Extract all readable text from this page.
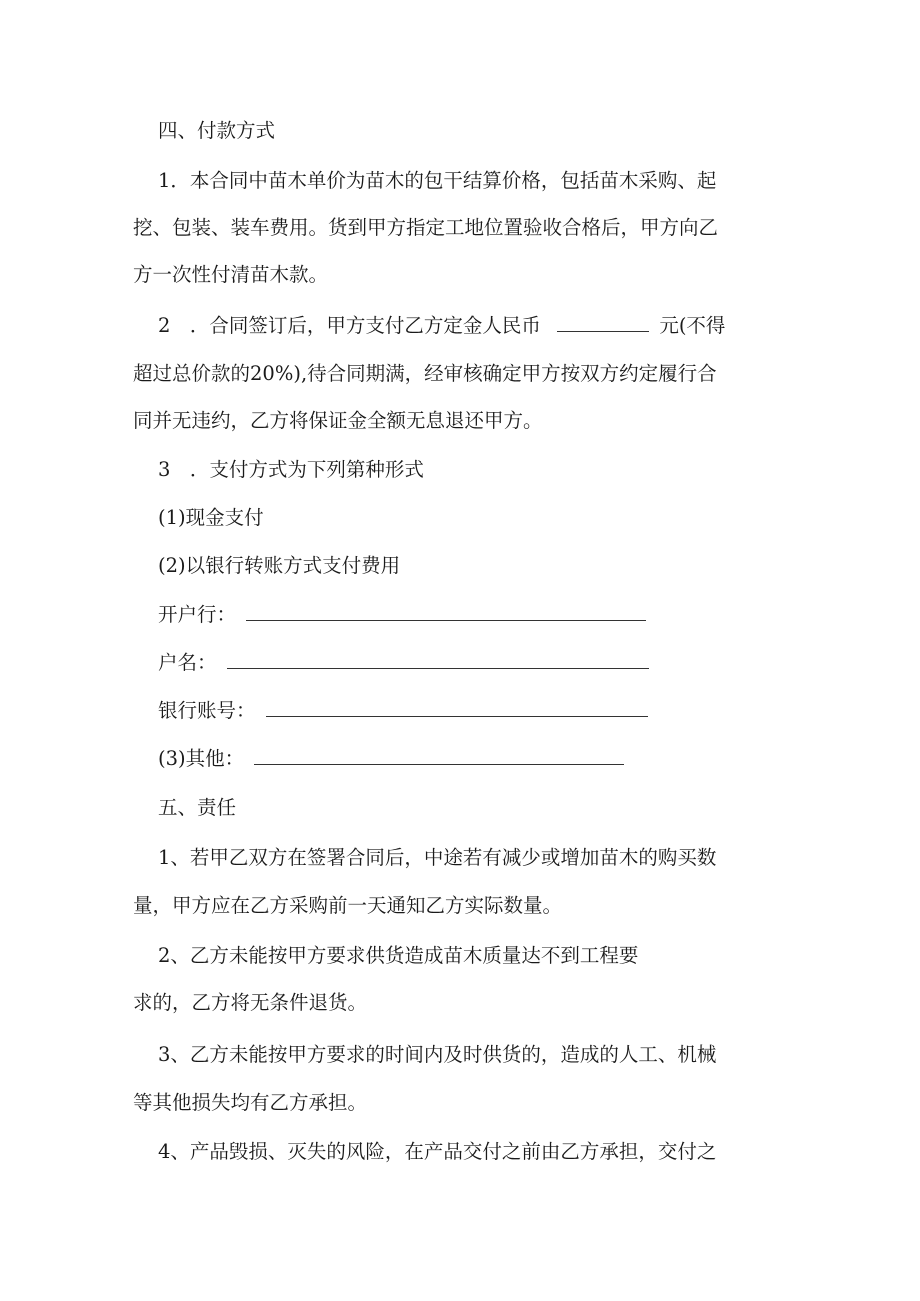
四、付款方式
1．本合同中苗木单价为苗木的包干结算价格，包括苗木采购、起
挖、包装、装车费用。货到甲方指定工地位置验收合格后，甲方向乙
方一次性付清苗木款。
2　．合同签订后，甲方支付乙方定金人民币	元(不得
超过总价款的20%),待合同期满，经审核确定甲方按双方约定履行合
同并无违约，乙方将保证金全额无息退还甲方。
3　．支付方式为下列第种形式
(1)现金支付
(2)以银行转账方式支付费用
开户行：
户名：
银行账号：
(3)其他：
五、责任
1、若甲乙双方在签署合同后，中途若有减少或增加苗木的购买数
量，甲方应在乙方采购前一天通知乙方实际数量。
2、乙方未能按甲方要求供货造成苗木质量达不到工程要
求的，乙方将无条件退货。
3、乙方未能按甲方要求的时间内及时供货的，造成的人工、机械
等其他损失均有乙方承担。
4、产品毁损、灭失的风险，在产品交付之前由乙方承担，交付之
